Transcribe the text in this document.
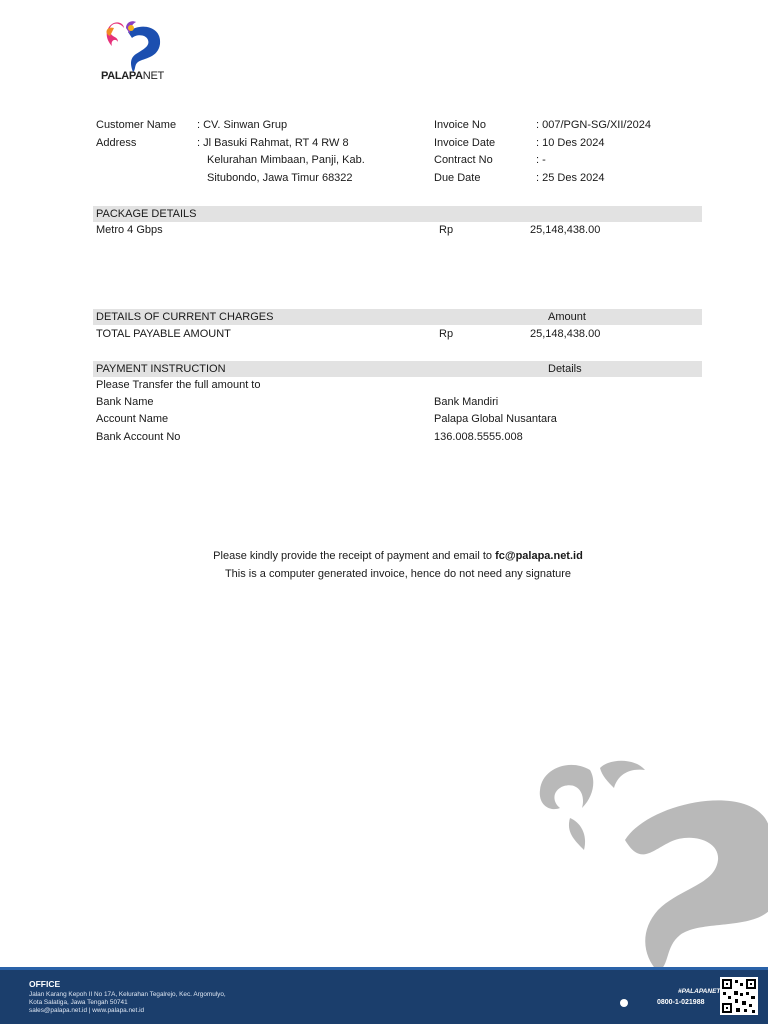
PALAPANET
Customer Name : CV. Sinwan Grup
Address	: Jl Basuki Rahmat, RT 4 RW 8
Kelurahan Mimbaan, Panji, Kab.
Situbondo, Jawa Timur 68322
Invoice No	: 007/PGN-SG/XII/2024
Invoice Date	: 10 Des 2024
Contract No	: -
Due Date	: 25 Des 2024
PACKAGE DETAILS
Metro 4 Gbps	Rp	25,148,438.00
DETAILS OF CURRENT CHARGES	Amount
TOTAL PAYABLE AMOUNT	Rp	25,148,438.00
PAYMENT INSTRUCTION	Details
Please Transfer the full amount to
Bank Name	Bank Mandiri
Account Name	Palapa Global Nusantara
Bank Account No	136.008.5555.008
Please kindly provide the receipt of payment and email to fc@palapa.net.id
This is a computer generated invoice, hence do not need any signature
OFFICE
Jalan Karang Kepoh II No 17A, Kelurahan Tegalrejo, Kec. Argomulyo,
Kota Salatiga, Jawa Tengah 50741
sales@palapa.net.id | www.palapa.net.id
#PALAPANET
0800-1-021988
